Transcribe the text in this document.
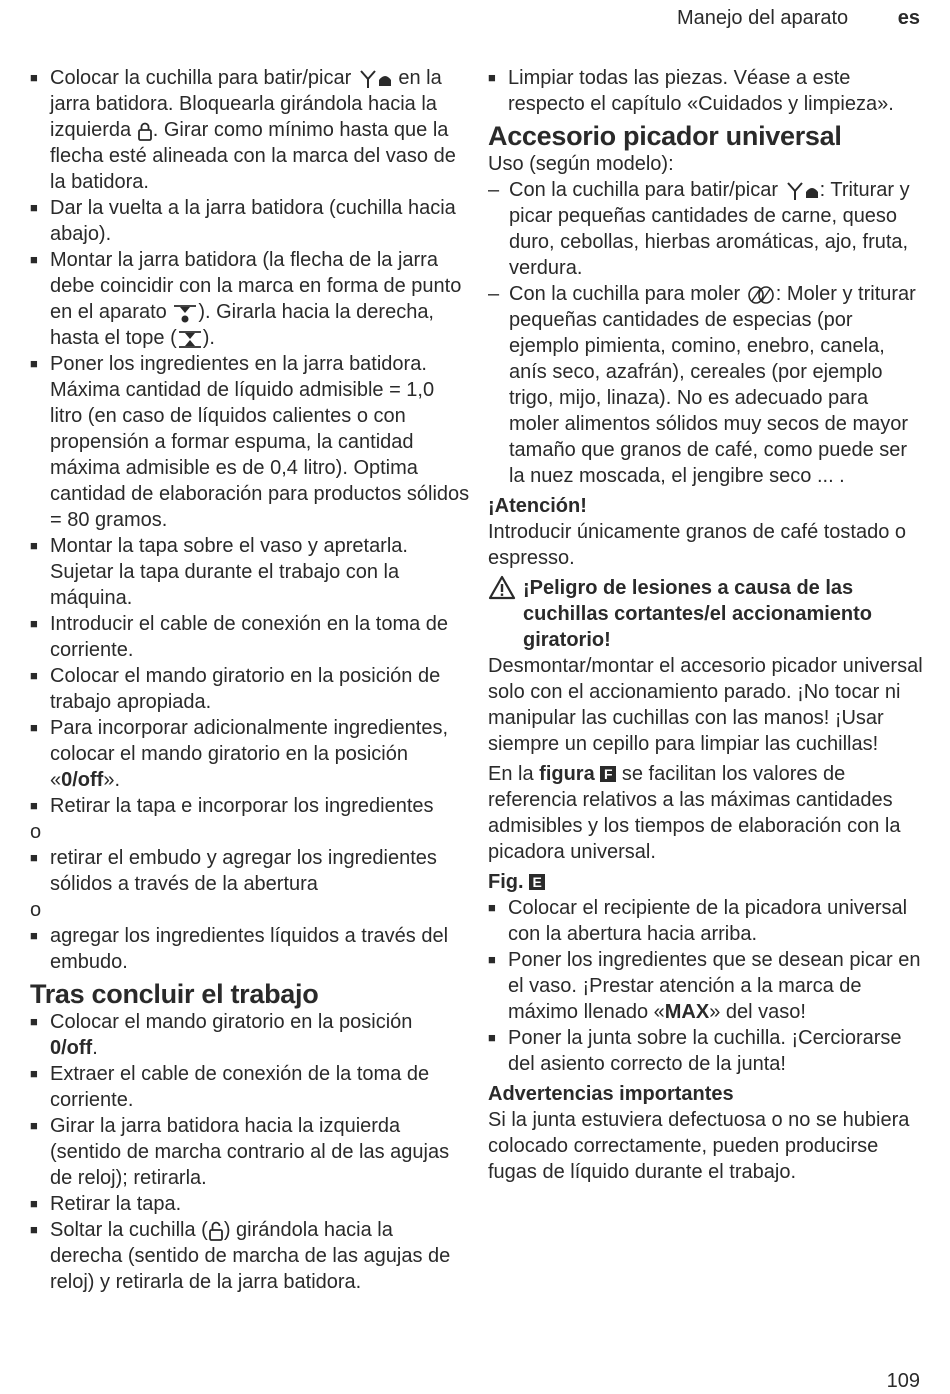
Manejo del aparato es
■ Colocar la cuchilla para batir/picar en la jarra batidora. Bloquearla girándola hacia la izquierda . Girar como mínimo hasta que la flecha esté alineada con la marca del vaso de la batidora.
■ Dar la vuelta a la jarra batidora (cuchilla hacia abajo).
■ Montar la jarra batidora (la flecha de la jarra debe coincidir con la marca en forma de punto en el aparato ). Girarla hacia la derecha, hasta el tope ( ).
■ Poner los ingredientes en la jarra batidora. Máxima cantidad de líquido admisible = 1,0 litro (en caso de líquidos calientes o con propensión a formar espuma, la cantidad máxima admisible es de 0,4 litro). Optima cantidad de elaboración para productos sólidos = 80 gramos.
■ Montar la tapa sobre el vaso y apretarla. Sujetar la tapa durante el trabajo con la máquina.
■ Introducir el cable de conexión en la toma de corriente.
■ Colocar el mando giratorio en la posición de trabajo apropiada.
■ Para incorporar adicionalmente ingredientes, colocar el mando giratorio en la posición «0/off».
■ Retirar la tapa e incorporar los ingredientes
o
■ retirar el embudo y agregar los ingredientes sólidos a través de la abertura
o
■ agregar los ingredientes líquidos a través del embudo.
Tras concluir el trabajo
■ Colocar el mando giratorio en la posición
0/off.
■ Extraer el cable de conexión de la toma de corriente.
■ Girar la jarra batidora hacia la izquierda (sentido de marcha contrario al de las agujas de reloj); retirarla.
■ Retirar la tapa.
■ Soltar la cuchilla ( ) girándola hacia la derecha (sentido de marcha de las agujas de reloj) y retirarla de la jarra batidora.
■ Limpiar todas las piezas. Véase a este respecto el capítulo «Cuidados y limpieza».
Accesorio picador universal
Uso (según modelo):
– Con la cuchilla para batir/picar : Triturar y picar pequeñas cantidades de carne, queso duro, cebollas, hierbas aromáticas, ajo, fruta, verdura.
– Con la cuchilla para moler : Moler y triturar pequeñas cantidades de especias (por ejemplo pimienta, comino, enebro, canela, anís seco, azafrán), cereales (por ejemplo trigo, mijo, linaza). No es adecuado para moler alimentos sólidos muy secos de mayor tamaño que granos de café, como puede ser la nuez moscada, el jengibre seco ... .
¡Atención!
Introducir únicamente granos de café tostado o espresso.
¡Peligro de lesiones a causa de las cuchillas cortantes/el accionamiento giratorio!
Desmontar/montar el accesorio picador universal solo con el accionamiento parado. ¡No tocar ni manipular las cuchillas con las manos! ¡Usar siempre un cepillo para limpiar las cuchillas!
En la figura F se facilitan los valores de referencia relativos a las máximas cantidades admisibles y los tiempos de elaboración con la picadora universal.
Fig. E
■ Colocar el recipiente de la picadora universal con la abertura hacia arriba.
■ Poner los ingredientes que se desean picar en el vaso. ¡Prestar atención a la marca de máximo llenado «MAX» del vaso!
■ Poner la junta sobre la cuchilla. ¡Cerciorarse del asiento correcto de la junta!
Advertencias importantes
Si la junta estuviera defectuosa o no se hubiera colocado correctamente, pueden producirse fugas de líquido durante el trabajo.
109
